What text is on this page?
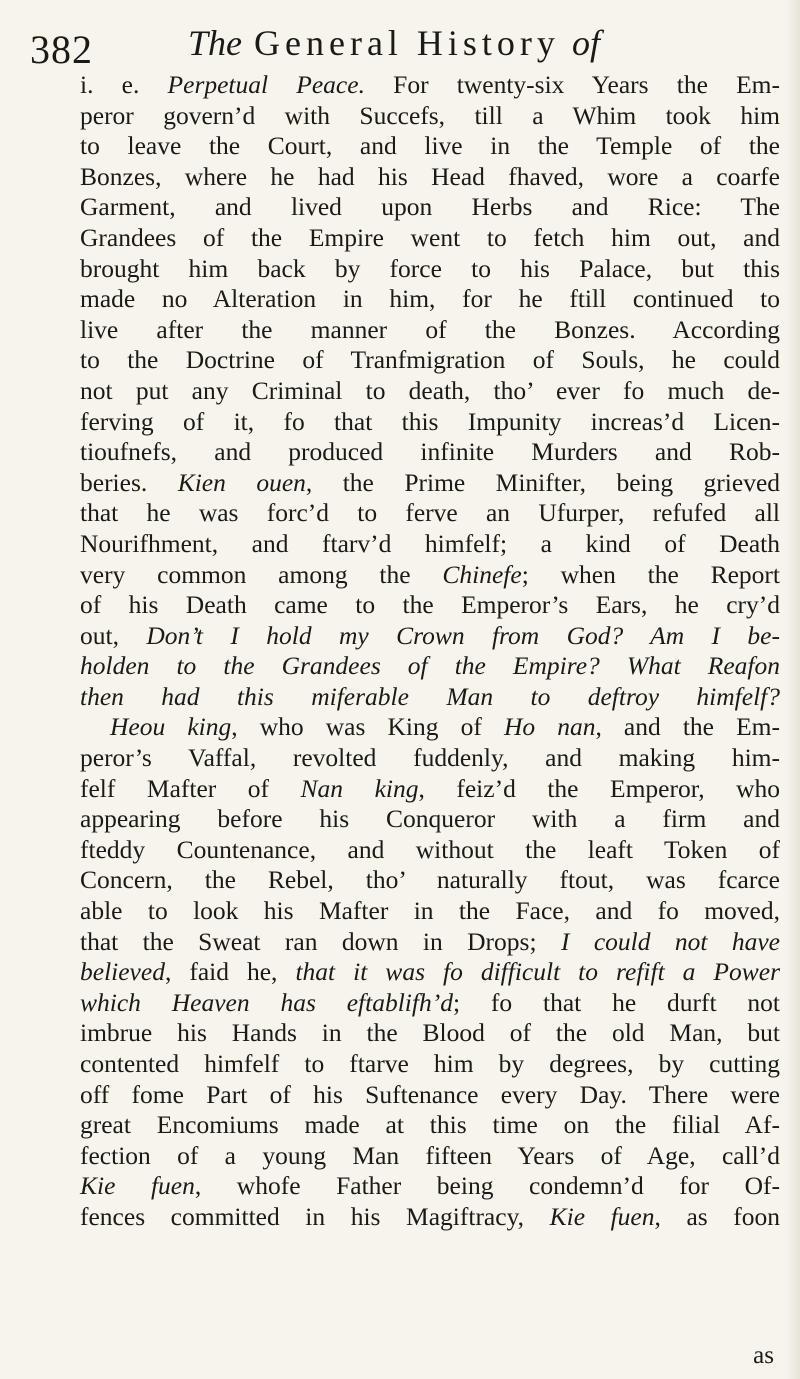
382	The General History of
i. e. Perpetual Peace. For twenty-six Years the Em-
peror govern’d with Succefs, till a Whim took him
to leave the Court, and live in the Temple of the
Bonzes, where he had his Head fhaved, wore a coarfe
Garment, and lived upon Herbs and Rice: The
Grandees of the Empire went to fetch him out, and
brought him back by force to his Palace, but this
made no Alteration in him, for he ftill continued to
live after the manner of the Bonzes. According
to the Doctrine of Tranfmigration of Souls, he could
not put any Criminal to death, tho’ ever fo much de-
ferving of it, fo that this Impunity increas’d Licen-
tioufnefs, and produced infinite Murders and Rob-
beries. Kien ouen, the Prime Minifter, being grieved
that he was forc’d to ferve an Ufurper, refufed all
Nourifhment, and ftarv’d himfelf; a kind of Death
very common among the Chinefe; when the Report
of his Death came to the Emperor’s Ears, he cry’d
out, Don’t I hold my Crown from God? Am I be-
holden to the Grandees of the Empire? What Reafon
then had this miferable Man to deftroy himfelf?
Heou king, who was King of Ho nan, and the Em-
peror’s Vaffal, revolted fuddenly, and making him-
felf Mafter of Nan king, feiz’d the Emperor, who
appearing before his Conqueror with a firm and
fteddy Countenance, and without the leaft Token of
Concern, the Rebel, tho’ naturally ftout, was fcarce
able to look his Mafter in the Face, and fo moved,
that the Sweat ran down in Drops; I could not have
believed, faid he, that it was fo difficult to refift a Power
which Heaven has eftablifh’d; fo that he durft not
imbrue his Hands in the Blood of the old Man, but
contented himfelf to ftarve him by degrees, by cutting
off fome Part of his Suftenance every Day. There were
great Encomiums made at this time on the filial Af-
fection of a young Man fifteen Years of Age, call’d
Kie fuen, whofe Father being condemn’d for Of-
fences committed in his Magiftracy, Kie fuen, as foon
as
